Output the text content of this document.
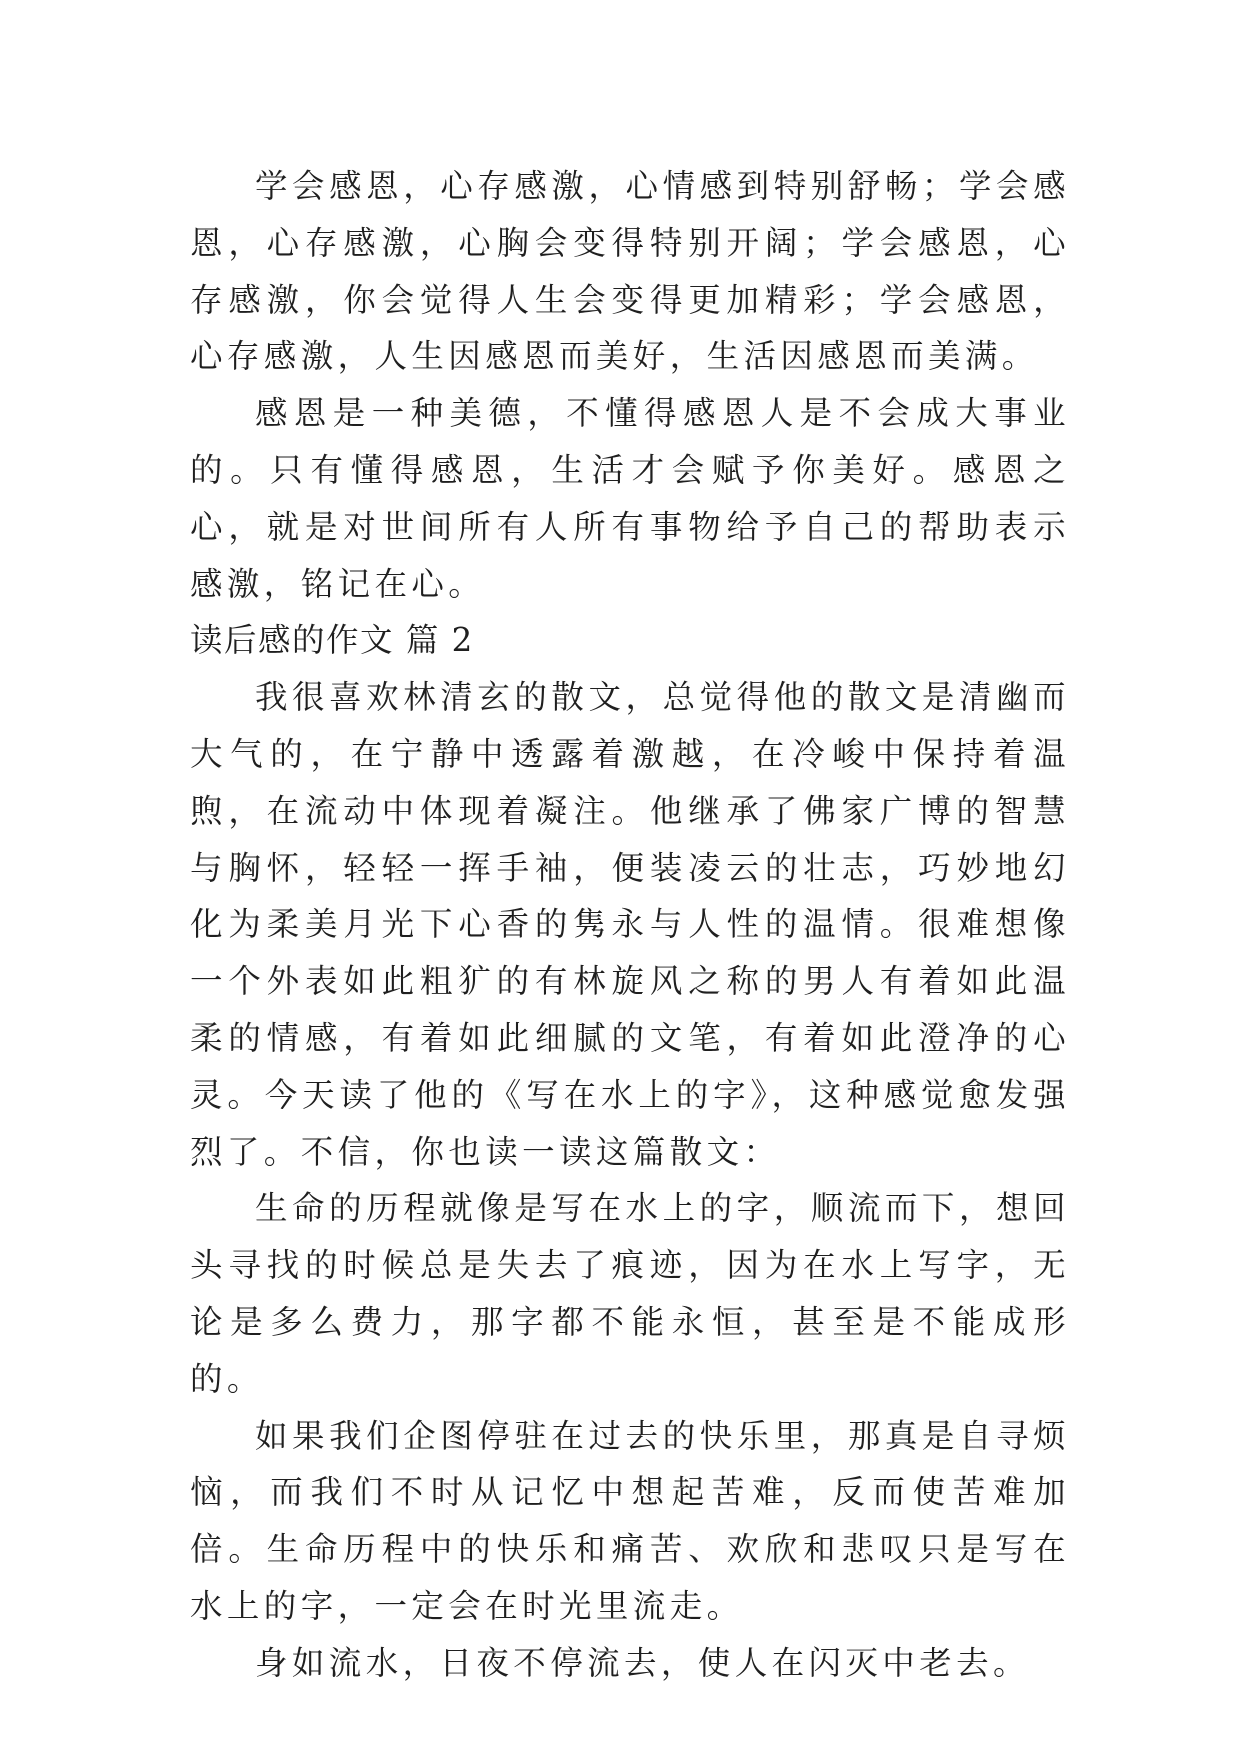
学会感恩，心存感激，心情感到特别舒畅；学会感恩，心存感激，心胸会变得特别开阔；学会感恩，心存感激，你会觉得人生会变得更加精彩；学会感恩，心存感激，人生因感恩而美好，生活因感恩而美满。

感恩是一种美德，不懂得感恩人是不会成大事业的。只有懂得感恩，生活才会赋予你美好。感恩之心，就是对世间所有人所有事物给予自己的帮助表示感激，铭记在心。

读后感的作文 篇 2

我很喜欢林清玄的散文，总觉得他的散文是清幽而大气的，在宁静中透露着激越，在冷峻中保持着温煦，在流动中体现着凝注。他继承了佛家广博的智慧与胸怀，轻轻一挥手袖，便装凌云的壮志，巧妙地幻化为柔美月光下心香的隽永与人性的温情。很难想像一个外表如此粗犷的有林旋风之称的男人有着如此温柔的情感，有着如此细腻的文笔，有着如此澄净的心灵。今天读了他的《写在水上的字》，这种感觉愈发强烈了。不信，你也读一读这篇散文：

生命的历程就像是写在水上的字，顺流而下，想回头寻找的时候总是失去了痕迹，因为在水上写字，无论是多么费力，那字都不能永恒，甚至是不能成形的。

如果我们企图停驻在过去的快乐里，那真是自寻烦恼，而我们不时从记忆中想起苦难，反而使苦难加倍。生命历程中的快乐和痛苦、欢欣和悲叹只是写在水上的字，一定会在时光里流走。

身如流水，日夜不停流去，使人在闪灭中老去。
